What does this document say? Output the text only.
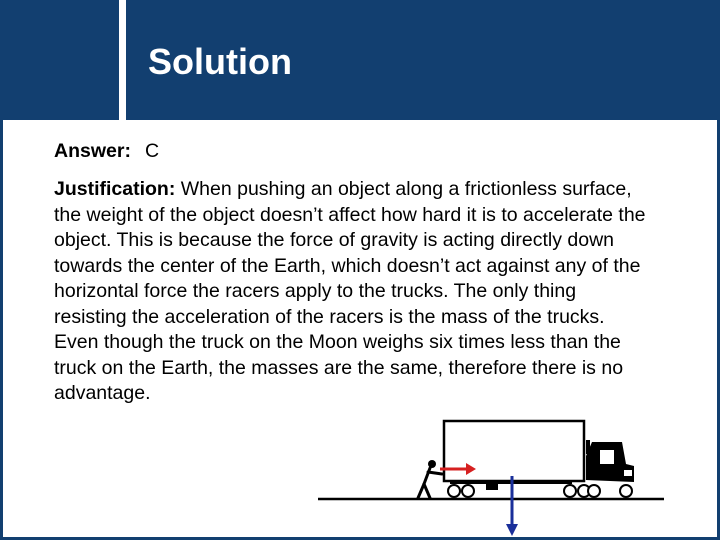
Solution
Answer: C
Justification: When pushing an object along a frictionless surface, the weight of the object doesn’t affect how hard it is to accelerate the object. This is because the force of gravity is acting directly down towards the center of the Earth, which doesn’t act against any of the horizontal force the racers apply to the trucks. The only thing resisting the acceleration of the racers is the mass of the trucks. Even though the truck on the Moon weighs six times less than the truck on the Earth, the masses are the same, therefore there is no advantage.
